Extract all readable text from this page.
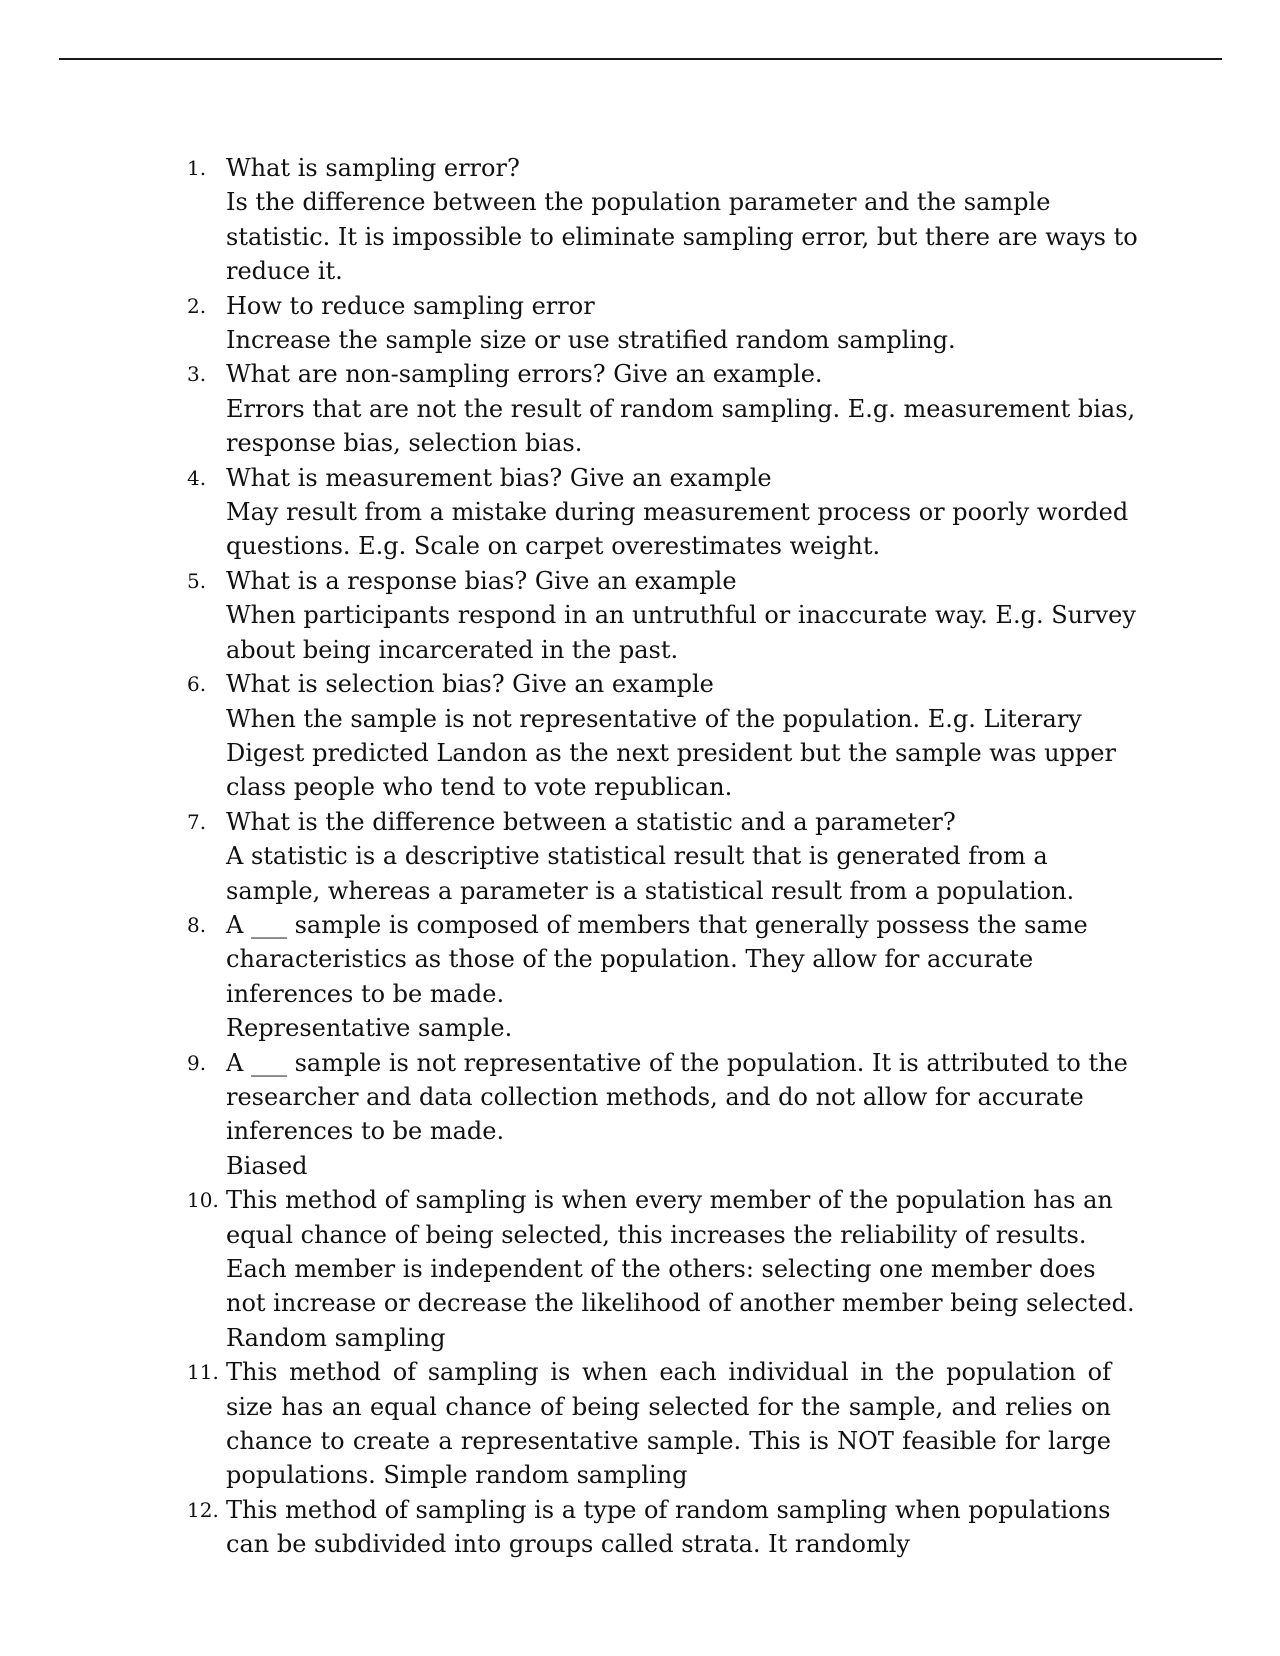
1. What is sampling error?
Is the difference between the population parameter and the sample statistic. It is impossible to eliminate sampling error, but there are ways to reduce it.
2. How to reduce sampling error
Increase the sample size or use stratified random sampling.
3. What are non-sampling errors? Give an example.
Errors that are not the result of random sampling. E.g. measurement bias, response bias, selection bias.
4. What is measurement bias? Give an example
May result from a mistake during measurement process or poorly worded questions. E.g. Scale on carpet overestimates weight.
5. What is a response bias? Give an example
When participants respond in an untruthful or inaccurate way. E.g. Survey about being incarcerated in the past.
6. What is selection bias? Give an example
When the sample is not representative of the population. E.g. Literary Digest predicted Landon as the next president but the sample was upper class people who tend to vote republican.
7. What is the difference between a statistic and a parameter?
A statistic is a descriptive statistical result that is generated from a sample, whereas a parameter is a statistical result from a population.
8. A ___ sample is composed of members that generally possess the same characteristics as those of the population. They allow for accurate inferences to be made.
Representative sample.
9. A ___ sample is not representative of the population. It is attributed to the researcher and data collection methods, and do not allow for accurate inferences to be made.
Biased
10. This method of sampling is when every member of the population has an equal chance of being selected, this increases the reliability of results. Each member is independent of the others: selecting one member does not increase or decrease the likelihood of another member being selected. Random sampling
11. This method of sampling is when each individual in the population of size has an equal chance of being selected for the sample, and relies on chance to create a representative sample. This is NOT feasible for large populations. Simple random sampling
12. This method of sampling is a type of random sampling when populations can be subdivided into groups called strata. It randomly
